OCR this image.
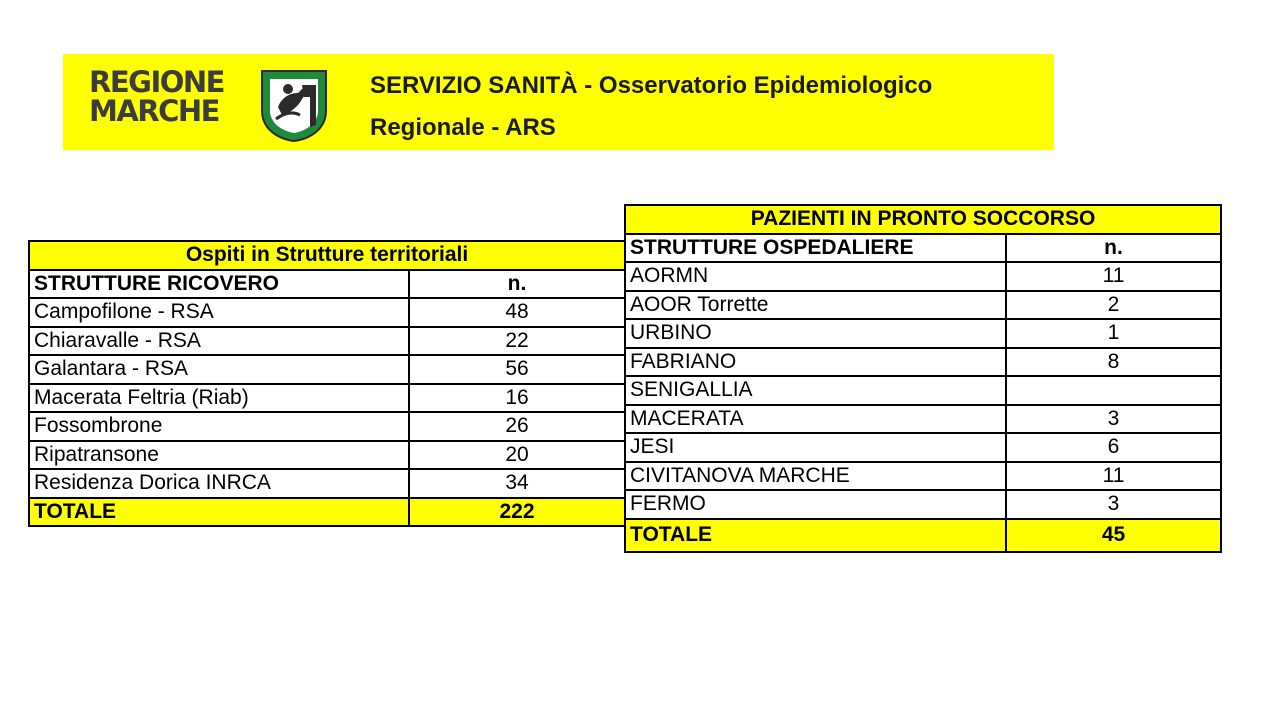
REGIONE
MARCHE
SERVIZIO SANITÀ - Osservatorio Epidemiologico
Regionale - ARS
Ospiti in Strutture territoriali	
STRUTTURE RICOVERO	n.
Campofilone - RSA	48
Chiaravalle - RSA	22
Galantara - RSA	56
Macerata Feltria (Riab)	16
Fossombrone	26
Ripatransone	20
Residenza Dorica INRCA	34
TOTALE	222
PAZIENTI IN PRONTO SOCCORSO	
STRUTTURE OSPEDALIERE	n.
AORMN	11
AOOR Torrette	2
URBINO	1
FABRIANO	8
SENIGALLIA	
MACERATA	3
JESI	6
CIVITANOVA MARCHE	11
FERMO	3
TOTALE	45
